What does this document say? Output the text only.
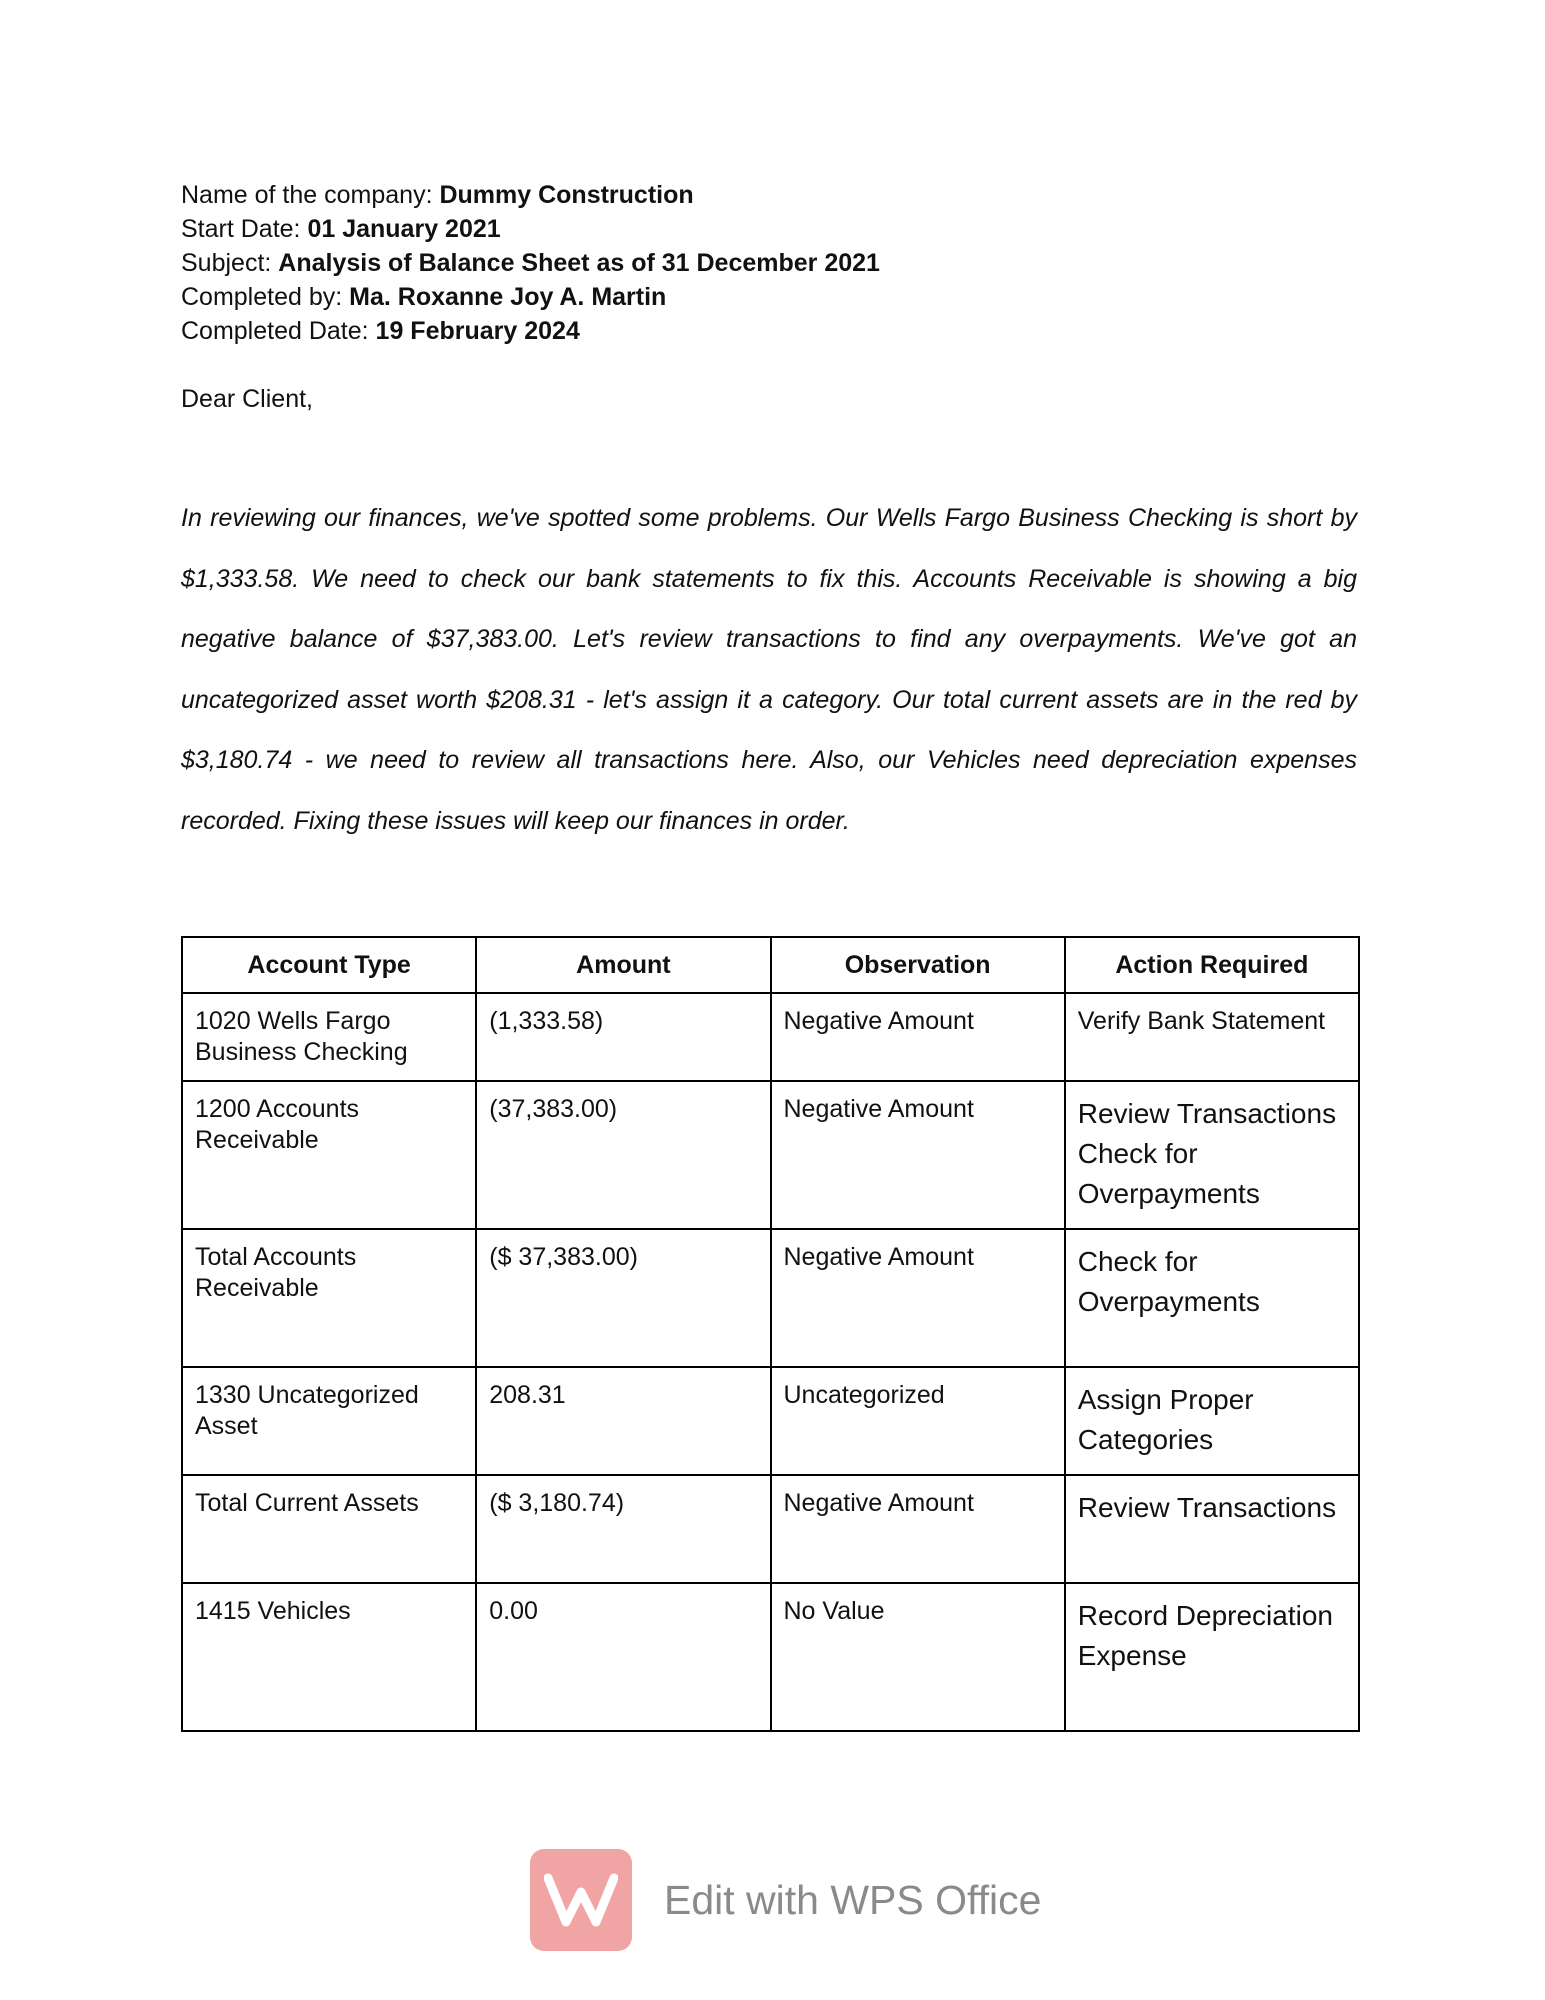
Name of the company: Dummy Construction
Start Date: 01 January 2021
Subject: Analysis of Balance Sheet as of 31 December 2021
Completed by: Ma. Roxanne Joy A. Martin
Completed Date: 19 February 2024
Dear Client,
In reviewing our finances, we've spotted some problems. Our Wells Fargo Business Checking is short by $1,333.58. We need to check our bank statements to fix this. Accounts Receivable is showing a big negative balance of $37,383.00. Let's review transactions to find any overpayments. We've got an uncategorized asset worth $208.31 - let's assign it a category. Our total current assets are in the red by $3,180.74 - we need to review all transactions here. Also, our Vehicles need depreciation expenses recorded. Fixing these issues will keep our finances in order.
Account Type	Amount	Observation	Action Required
1020 Wells Fargo Business Checking	(1,333.58)	Negative Amount	Verify Bank Statement
1200 Accounts Receivable	(37,383.00)	Negative Amount	Review Transactions Check for Overpayments
Total Accounts Receivable	($ 37,383.00)	Negative Amount	Check for Overpayments
1330 Uncategorized Asset	208.31	Uncategorized	Assign Proper Categories
Total Current Assets	($ 3,180.74)	Negative Amount	Review Transactions
1415 Vehicles	0.00	No Value	Record Depreciation Expense
Edit with WPS Office
